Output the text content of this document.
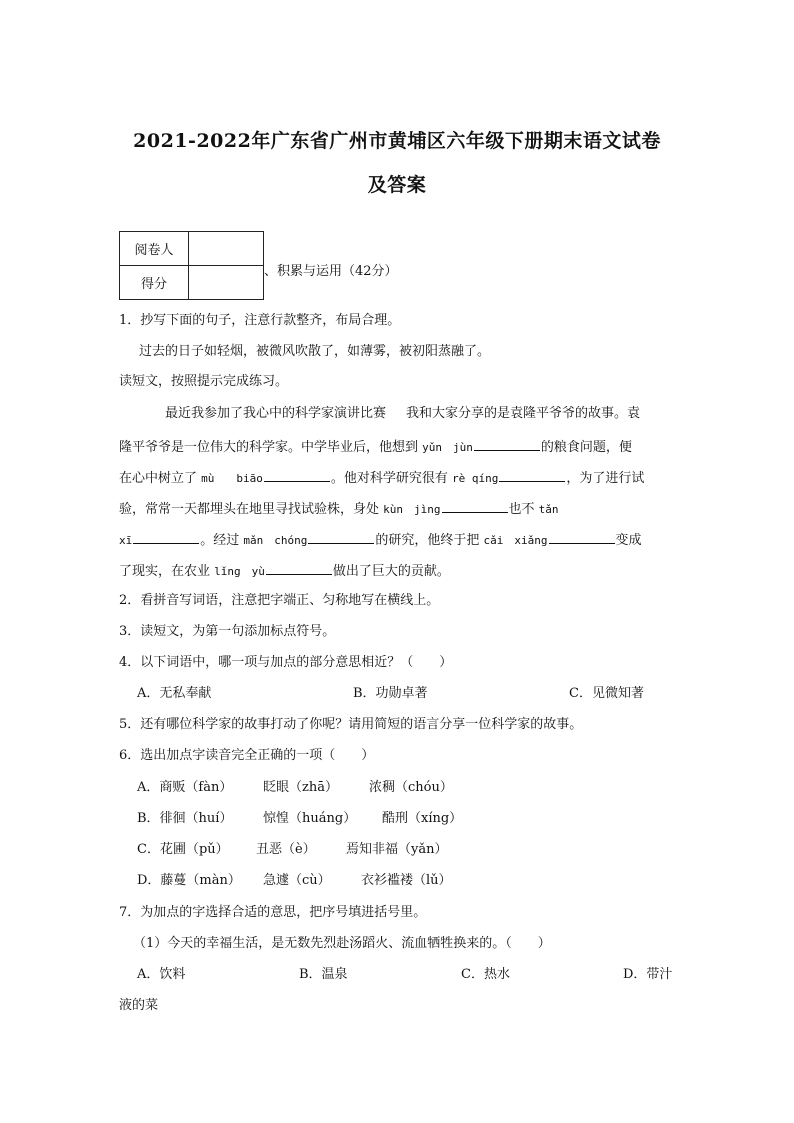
2021-2022年广东省广州市黄埔区六年级下册期末语文试卷
及答案
阅卷人	
得分	
、积累与运用（42分）
1．抄写下面的句子，注意行款整齐，布局合理。
过去的日子如轻烟，被微风吹散了，如薄雾，被初阳蒸融了。
读短文，按照提示完成练习。
最近我参加了我心中的科学家演讲比赛 我和大家分享的是袁隆平爷爷的故事。袁
隆平爷爷是一位伟大的科学家。中学毕业后，他想到 yǔn　jùn	的粮食问题，便
在心中树立了 mù　　biāo	。他对科学研究很有 rè qíng	，为了进行试
验，常常一天都埋头在地里寻找试验株，身处 kùn　jìng	也不 tǎn
xī	。经过 mǎn　chóng	的研究，他终于把 cǎi　xiǎng	变成
了现实，在农业 lǐng　yù	做出了巨大的贡献。
2．看拼音写词语，注意把字端正、匀称地写在横线上。
3．读短文，为第一句添加标点符号。
4．以下词语中，哪一项与加点的部分意思相近？（　　）
A．无私奉献	B．功勋卓著	C．见微知著
5．还有哪位科学家的故事打动了你呢？请用简短的语言分享一位科学家的故事。
6．选出加点字读音完全正确的一项（　　）
A．商贩（fàn） 眨眼（zhā） 浓稠（chóu）
B．徘徊（huí） 惊惶（huáng） 酷刑（xíng）
C．花圃（pǔ） 丑恶（è） 焉知非福（yǎn）
D．藤蔓（màn） 急遽（cù） 衣衫褴褛（lǔ）
7．为加点的字选择合适的意思，把序号填进括号里。
（1）今天的幸福生活，是无数先烈赴汤蹈火、流血牺牲换来的。（　　）
A．饮料	B．温泉	C．热水	D．带汁
液的菜
